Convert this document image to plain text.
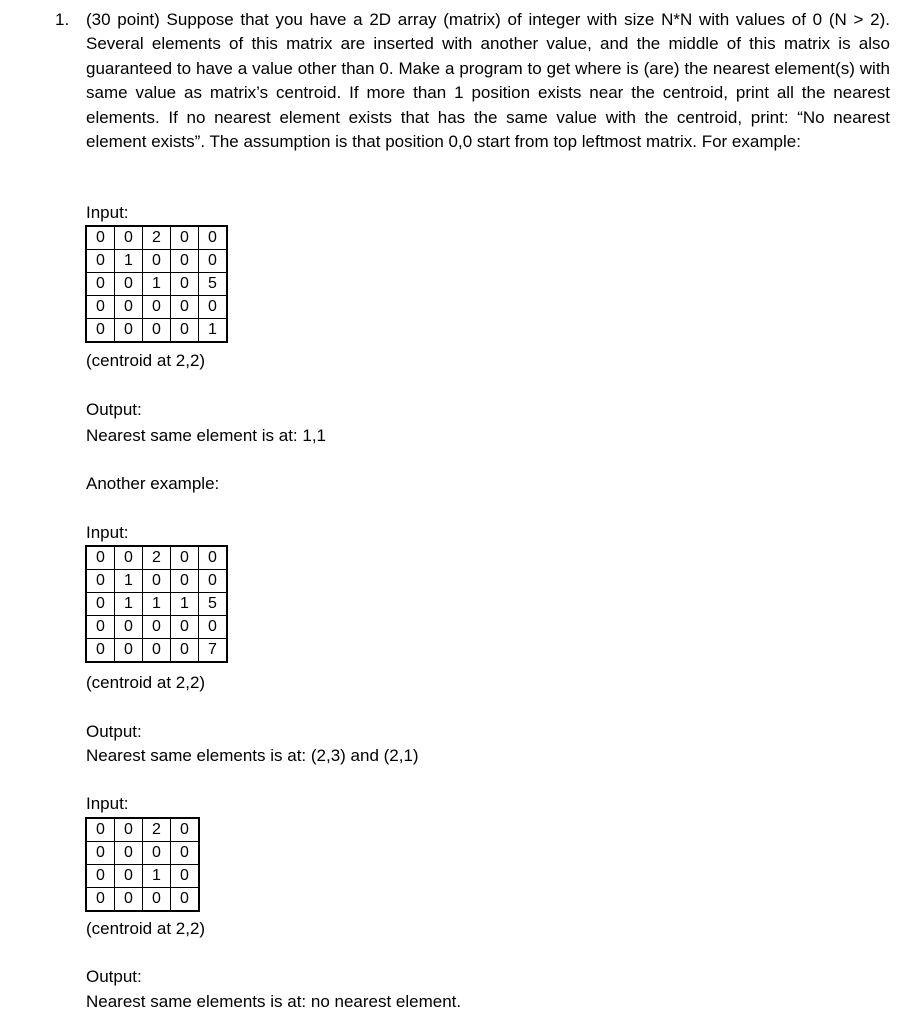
1. (30 point) Suppose that you have a 2D array (matrix) of integer with size N*N with values of 0 (N > 2). Several elements of this matrix are inserted with another value, and the middle of this matrix is also guaranteed to have a value other than 0. Make a program to get where is (are) the nearest element(s) with same value as matrix’s centroid. If more than 1 position exists near the centroid, print all the nearest elements. If no nearest element exists that has the same value with the centroid, print: “No nearest element exists”. The assumption is that position 0,0 start from top leftmost matrix. For example:

Input:
0	0	2	0	0
0	1	0	0	0
0	0	1	0	5
0	0	0	0	0
0	0	0	0	1
(centroid at 2,2)
Output:
Nearest same element is at: 1,1
Another example:
Input:
0	0	2	0	0
0	1	0	0	0
0	1	1	1	5
0	0	0	0	0
0	0	0	0	7
(centroid at 2,2)
Output:
Nearest same elements is at: (2,3) and (2,1)
Input:
0	0	2	0
0	0	0	0
0	0	1	0
0	0	0	0
(centroid at 2,2)
Output:
Nearest same elements is at: no nearest element.
